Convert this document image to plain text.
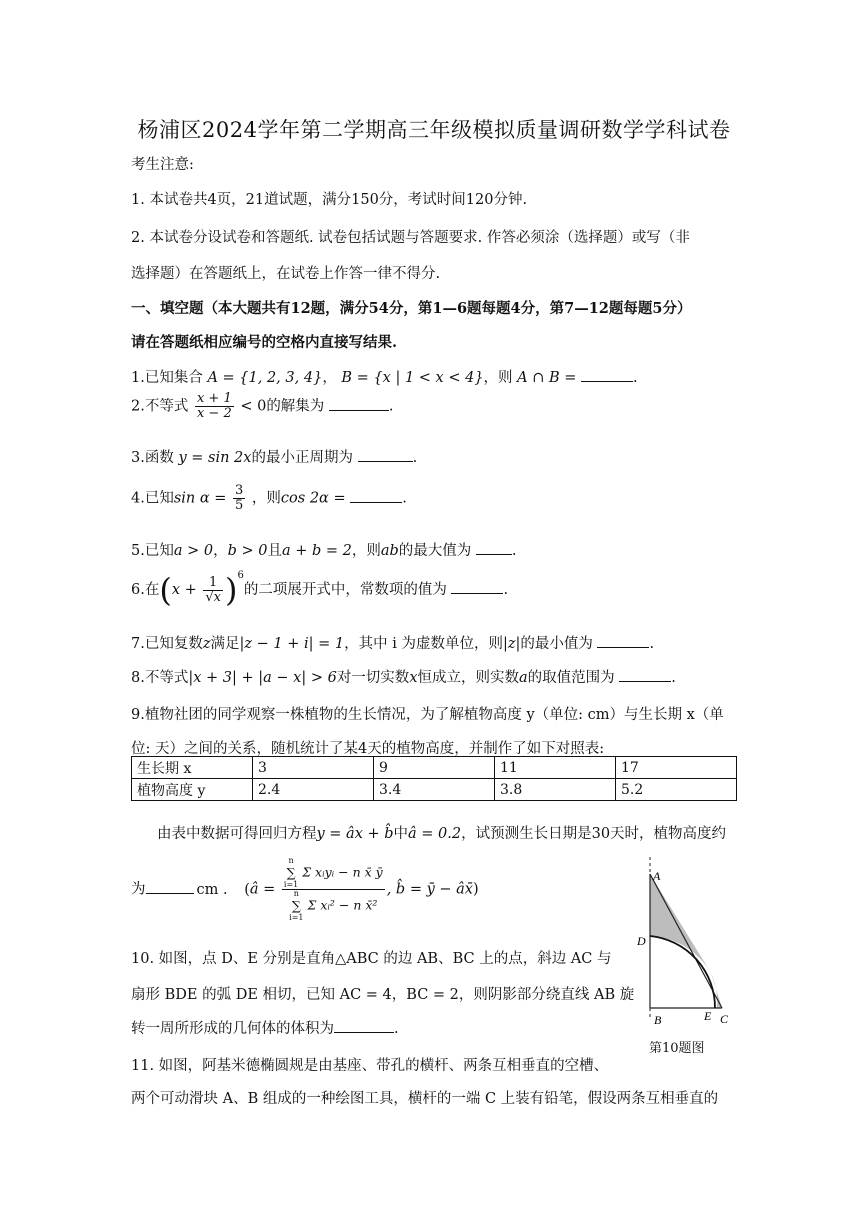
杨浦区2024学年第二学期高三年级模拟质量调研数学学科试卷
考生注意:
1. 本试卷共4页，21道试题，满分150分，考试时间120分钟.
2. 本试卷分设试卷和答题纸. 试卷包括试题与答题要求. 作答必须涂（选择题）或写（非
选择题）在答题纸上，在试卷上作答一律不得分.
一、填空题（本大题共有12题，满分54分，第1—6题每题4分，第7—12题每题5分）
请在答题纸相应编号的空格内直接写结果.
1.已知集合 A = {1, 2, 3, 4}， B = {x | 1 < x < 4}，则 A ∩ B =	.
2.不等式 $\frac{x + 1}{x - 2} < 0$的解集为	.
3.函数 y = sin 2x的最小正周期为	.
4.已知$\sin \alpha = \frac{3}{5}$ ，则cos 2α =	.
5.已知a > 0，b > 0且a + b = 2，则ab的最大值为	.
6.在$(x + \frac{1}{√x} )^6$的二项展开式中，常数项的值为	.
7.已知复数z满足|z − 1 + i| = 1，其中 i 为虚数单位，则|z|的最小值为	.
8.不等式|x + 3| + |a − x| > 6对一切实数x恒成立，则实数a的取值范围为	.
9.植物社团的同学观察一株植物的生长情况，为了解植物高度 y（单位: cm）与生长期 x（单
位: 天）之间的关系，随机统计了某4天的植物高度，并制作了如下对照表:
生长期 x	3	9	11	17
植物高度 y	2.4	3.4	3.8	5.2
由表中数据可得回归方程y = âx + b̂中â = 0.2，试预测生长日期是30天时，植物高度约
为	cm . (â = n
∑
i=1
Σ xᵢyᵢ − n x̄ ȳ
n
∑
i=1
Σ xᵢ² − n x̄² , b̂ = ȳ − âx̄)
10. 如图，点 D、E 分别是直角△ABC 的边 AB、BC 上的点，斜边 AC 与
扇形 BDE 的弧 DE 相切，已知 AC = 4，BC = 2，则阴影部分绕直线 AB 旋
转一周所形成的几何体的体积为	.
A
D
B	E C
第10题图
11. 如图，阿基米德椭圆规是由基座、带孔的横杆、两条互相垂直的空槽、
两个可动滑块 A、B 组成的一种绘图工具，横杆的一端 C 上装有铅笔，假设两条互相垂直的
